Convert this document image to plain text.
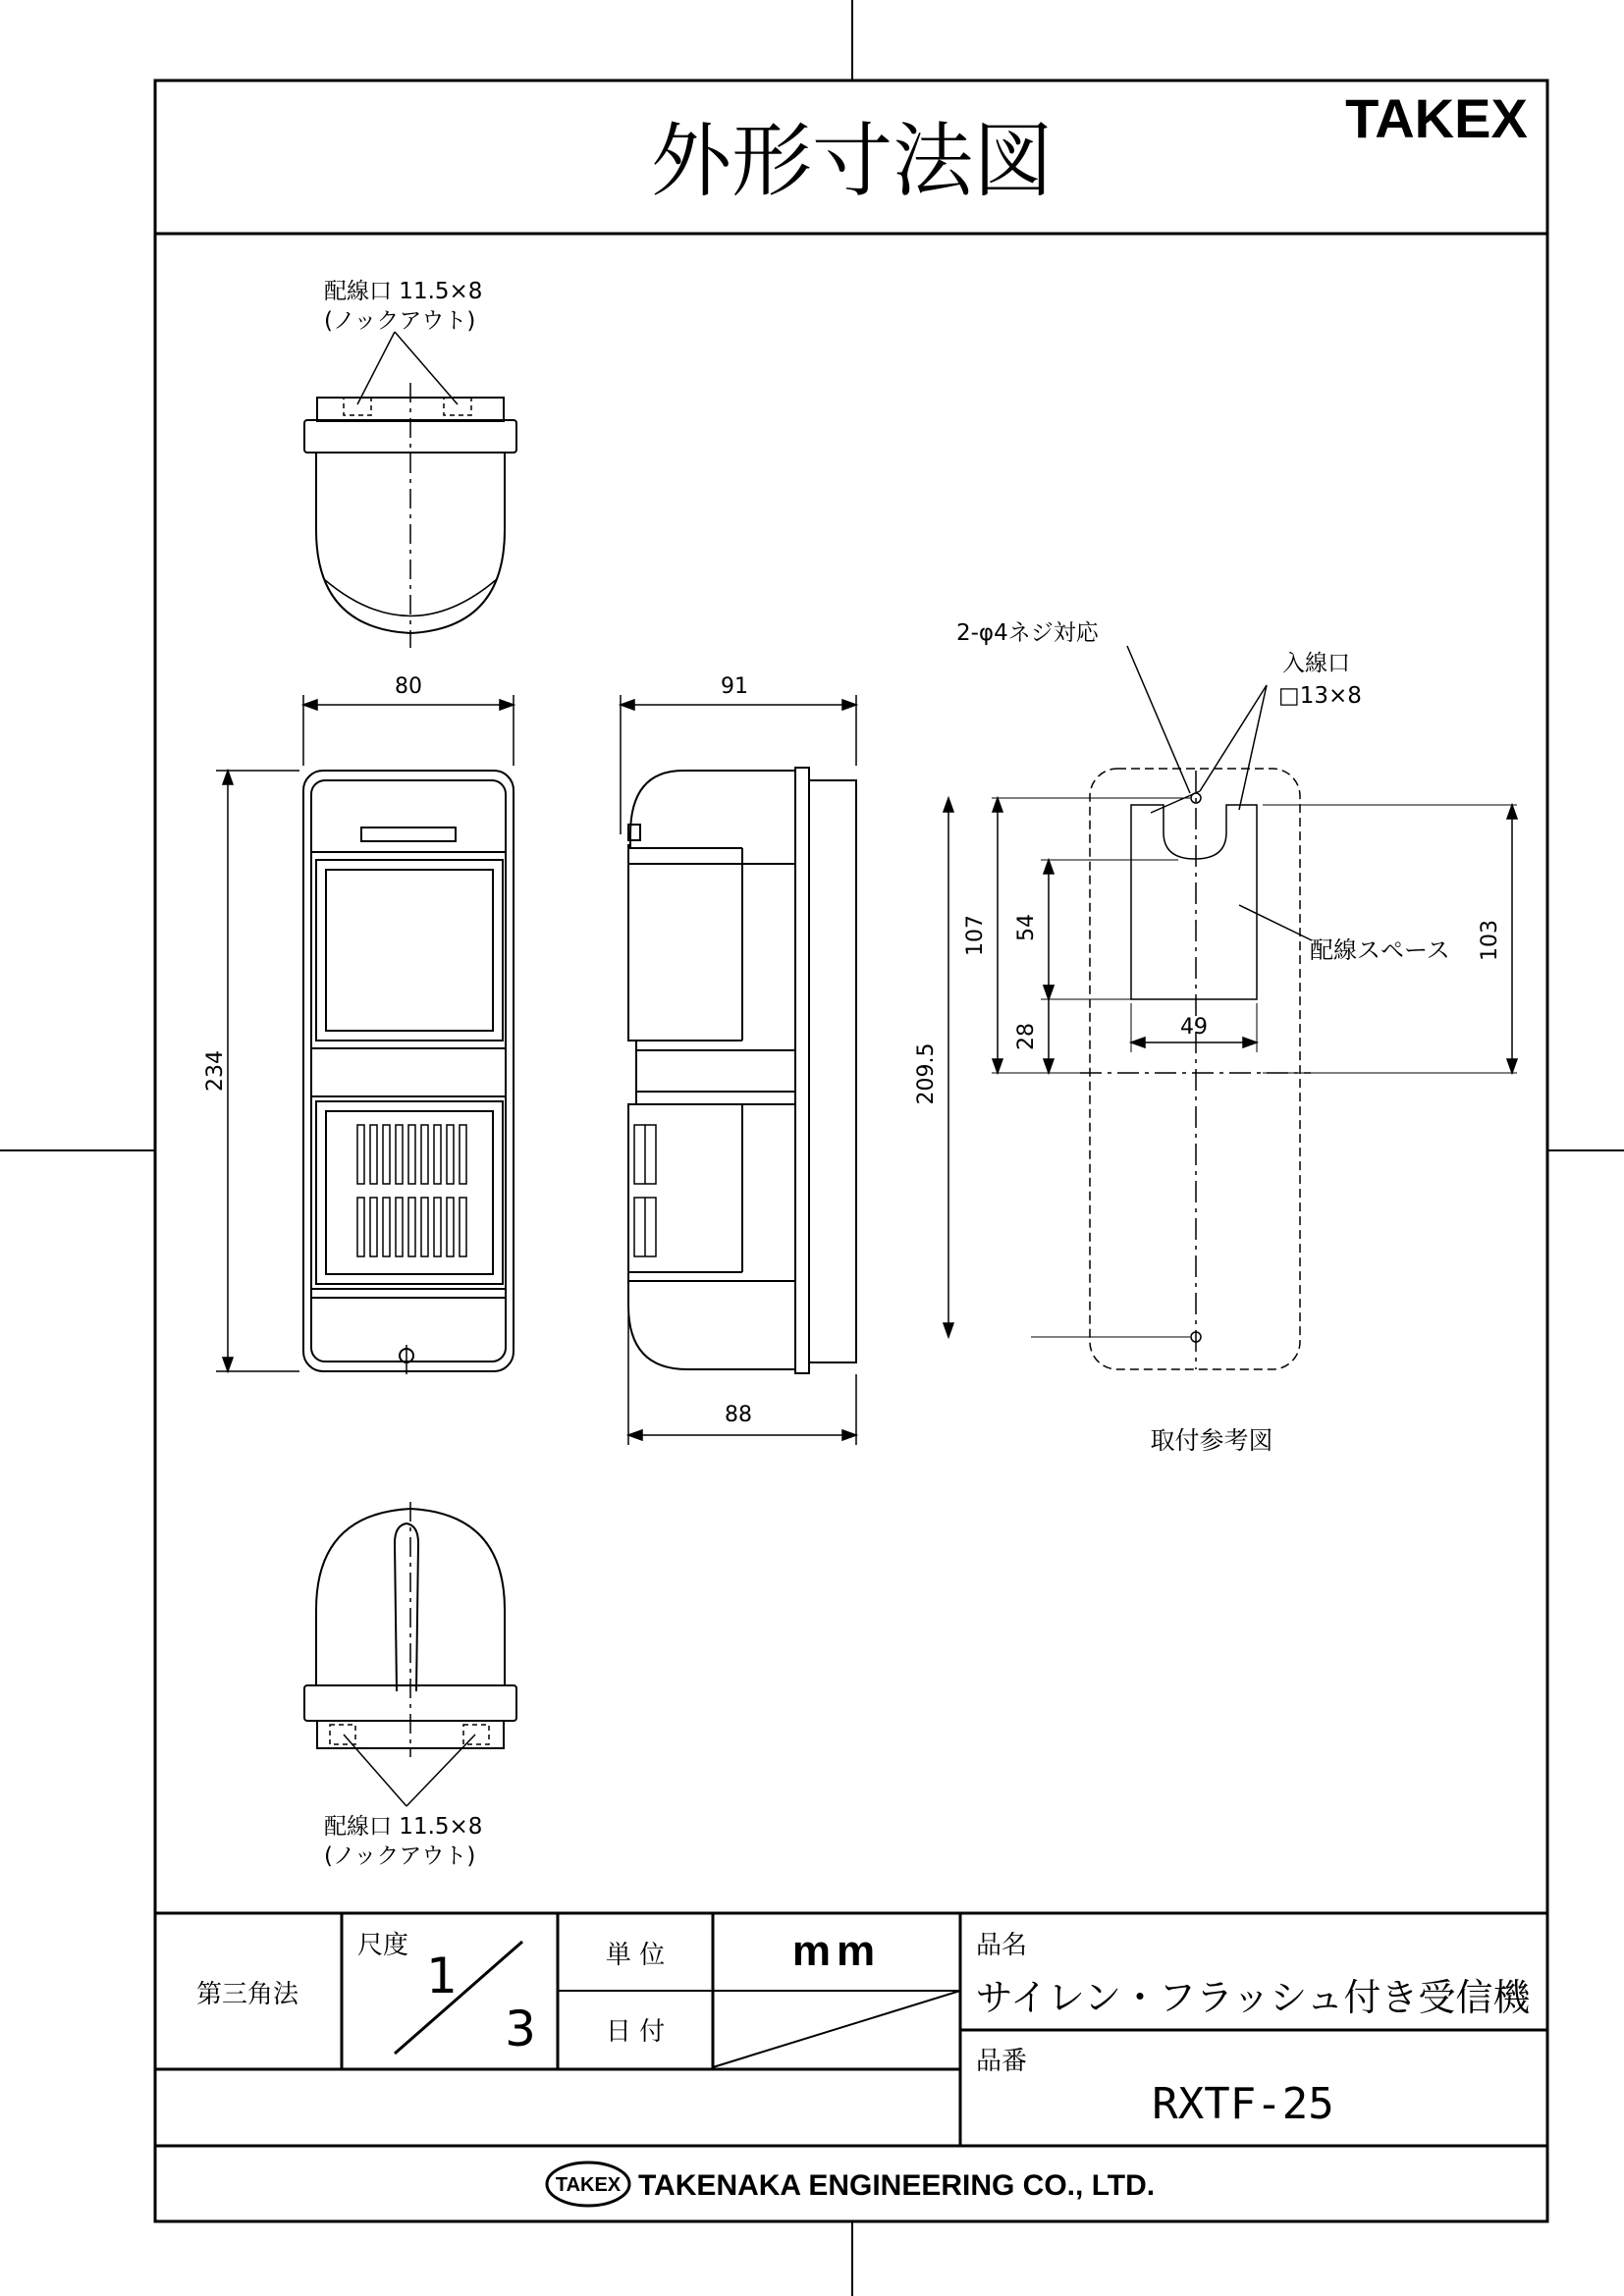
外形寸法図	TAKEX
配線口 11.5×8
(ノックアウト)
80
234
91
88
209.5
107 54
28	49
103
2-φ4ネジ対応
入線口
□13×8
配線スペース
取付参考図
配線口 11.5×8
(ノックアウト)
第三角法
尺度
1
3
単 位	mm
日 付
品名
サイレン・フラッシュ付き受信機
品番
RXTF-25
TAKEX TAKENAKA ENGINEERING CO., LTD.
